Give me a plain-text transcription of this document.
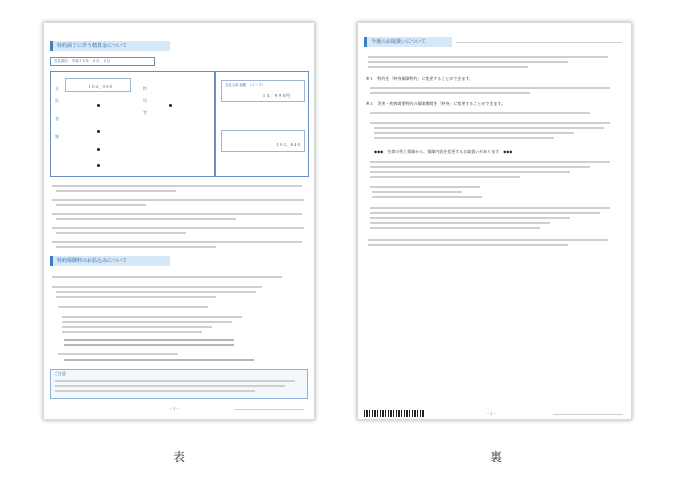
特約満了に伴う精算金について
支払期日　平成２６年　６月　６日
支

払

金

額
１０４，０００	特

約

等
支払合計金額　（１－２）
１５，９９０円
１０２，８４０
特約保険料のお払込みについて
ご注意
－１－
今後のお取扱いについて
※１　特約を「終身保障特約」に変更することができます。
※２　災害・疾病関係特約の保険期間を「終身」に変更することができます。
◆◆◆　生命の死亡保障から、保障内容を変更するお取扱いがあります　◆◆◆
－２－
表	裏
